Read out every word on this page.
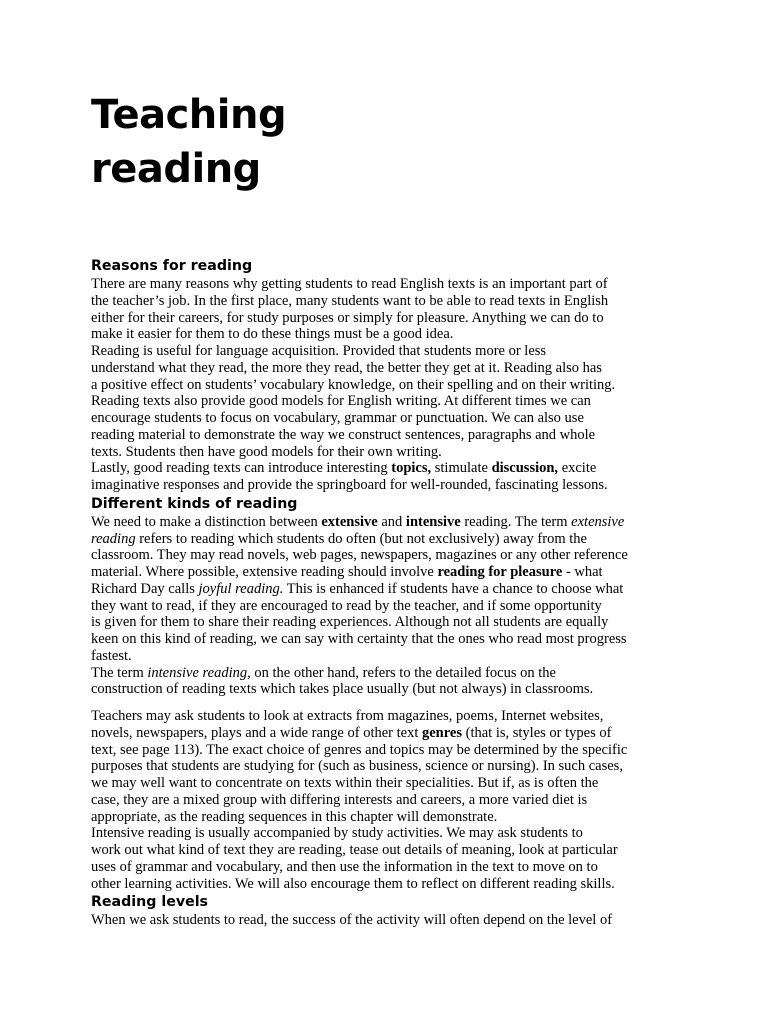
Teaching
reading
Reasons for reading

There are many reasons why getting students to read English texts is an important part of
the teacher’s job. In the first place, many students want to be able to read texts in English
either for their careers, for study purposes or simply for pleasure. Anything we can do to
make it easier for them to do these things must be a good idea.

Reading is useful for language acquisition. Provided that students more or less
understand what they read, the more they read, the better they get at it. Reading also has
a positive effect on students’ vocabulary knowledge, on their spelling and on their writing.
Reading texts also provide good models for English writing. At different times we can
encourage students to focus on vocabulary, grammar or punctuation. We can also use
reading material to demonstrate the way we construct sentences, paragraphs and whole
texts. Students then have good models for their own writing.

Lastly, good reading texts can introduce interesting topics, stimulate discussion, excite
imaginative responses and provide the springboard for well-rounded, fascinating lessons.

Different kinds of reading

We need to make a distinction between extensive and intensive reading. The term extensive
reading refers to reading which students do often (but not exclusively) away from the
classroom. They may read novels, web pages, newspapers, magazines or any other reference
material. Where possible, extensive reading should involve reading for pleasure - what
Richard Day calls joyful reading. This is enhanced if students have a chance to choose what
they want to read, if they are encouraged to read by the teacher, and if some opportunity
is given for them to share their reading experiences. Although not all students are equally
keen on this kind of reading, we can say with certainty that the ones who read most progress
fastest.

The term intensive reading, on the other hand, refers to the detailed focus on the
construction of reading texts which takes place usually (but not always) in classrooms.

Teachers may ask students to look at extracts from magazines, poems, Internet websites,
novels, newspapers, plays and a wide range of other text genres (that is, styles or types of
text, see page 113). The exact choice of genres and topics may be determined by the specific
purposes that students are studying for (such as business, science or nursing). In such cases,
we may well want to concentrate on texts within their specialities. But if, as is often the
case, they are a mixed group with differing interests and careers, a more varied diet is
appropriate, as the reading sequences in this chapter will demonstrate.

Intensive reading is usually accompanied by study activities. We may ask students to
work out what kind of text they are reading, tease out details of meaning, look at particular
uses of grammar and vocabulary, and then use the information in the text to move on to
other learning activities. We will also encourage them to reflect on different reading skills.

Reading levels

When we ask students to read, the success of the activity will often depend on the level of
